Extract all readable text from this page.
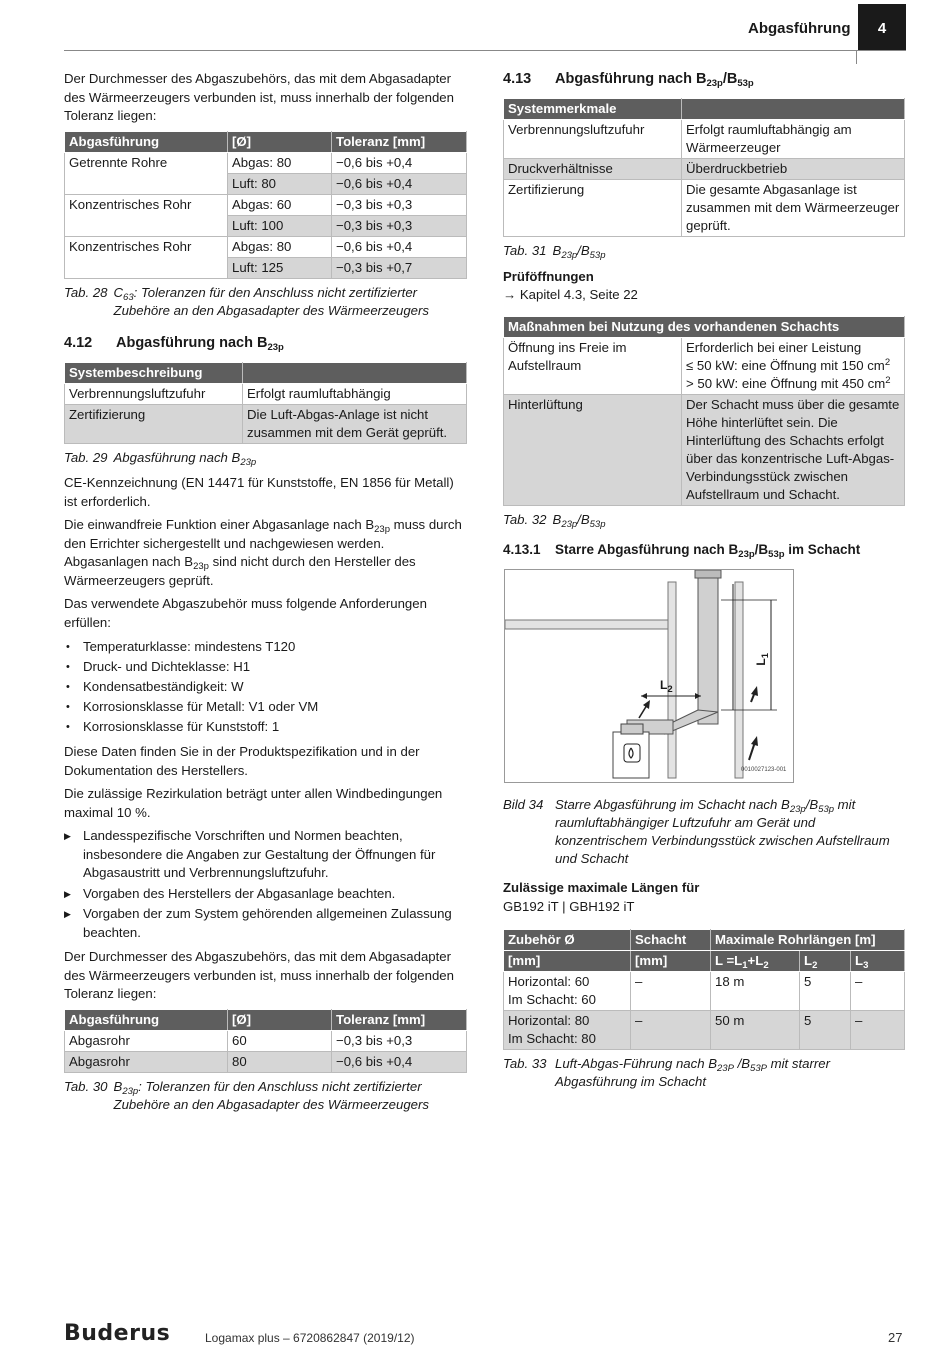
Abgasführung	4

Der Durchmesser des Abgaszubehörs, das mit dem Abgasadapter des Wärmeerzeugers verbunden ist, muss innerhalb der folgenden Toleranz liegen:

Abgasführung	[Ø]	Toleranz [mm]
Getrennte Rohre	Abgas: 80	−0,6 bis +0,4
	Luft: 80	−0,6 bis +0,4
Konzentrisches Rohr	Abgas: 60	−0,3 bis +0,3
	Luft: 100	−0,3 bis +0,3
Konzentrisches Rohr	Abgas: 80	−0,6 bis +0,4
	Luft: 125	−0,3 bis +0,7
Tab. 28 $C_{63}$: Toleranzen für den Anschluss nicht zertifizierter Zubehöre an den Abgasadapter des Wärmeerzeugers
4.12 Abgasführung nach $B_{23p}$
Systembeschreibung	
Verbrennungsluftzufuhr	Erfolgt raumluftabhängig
Zertifizierung	Die Luft-Abgas-Anlage ist nicht zusammen mit dem Gerät geprüft.
Tab. 29 Abgasführung nach $B_{23p}$

CE-Kennzeichnung (EN 14471 für Kunststoffe, EN 1856 für Metall) ist erforderlich.

Die einwandfreie Funktion einer Abgasanlage nach $B_{23p}$ muss durch den Errichter sichergestellt und nachgewiesen werden. Abgasanlagen nach $B_{23p}$ sind nicht durch den Hersteller des Wärmeerzeugers geprüft.

Das verwendete Abgaszubehör muss folgende Anforderungen erfüllen:

• Temperaturklasse: mindestens T120
• Druck- und Dichteklasse: H1
• Kondensatbeständigkeit: W
• Korrosionsklasse für Metall: V1 oder VM
• Korrosionsklasse für Kunststoff: 1

Diese Daten finden Sie in der Produktspezifikation und in der Dokumentation des Herstellers.

Die zulässige Rezirkulation beträgt unter allen Windbedingungen maximal 10 %.

▶ Landesspezifische Vorschriften und Normen beachten, insbesondere die Angaben zur Gestaltung der Öffnungen für Abgasaustritt und Verbrennungsluftzufuhr.
▶ Vorgaben des Herstellers der Abgasanlage beachten.
▶ Vorgaben der zum System gehörenden allgemeinen Zulassung beachten.

Der Durchmesser des Abgaszubehörs, das mit dem Abgasadapter des Wärmeerzeugers verbunden ist, muss innerhalb der folgenden Toleranz liegen:

Abgasführung	[Ø]	Toleranz [mm]
Abgasrohr	60	−0,3 bis +0,3
Abgasrohr	80	−0,6 bis +0,4
Tab. 30 $B_{23p}$: Toleranzen für den Anschluss nicht zertifizierter Zubehöre an den Abgasadapter des Wärmeerzeugers
4.13 Abgasführung nach $B_{23p}/B_{53p}$
Systemmerkmale	
Verbrennungsluftzufuhr	Erfolgt raumluftabhängig am Wärmeerzeuger
Druckverhältnisse	Überdruckbetrieb
Zertifizierung	Die gesamte Abgasanlage ist zusammen mit dem Wärmeerzeuger geprüft.
Tab. 31 $B_{23p}/B_{53p}$
Prüföffnungen
→ Kapitel 4.3, Seite 22
Maßnahmen bei Nutzung des vorhandenen Schachts	
Öffnung ins Freie im Aufstellraum	Erforderlich bei einer Leistung
≤ 50 kW: eine Öffnung mit 150 $cm^2$
> 50 kW: eine Öffnung mit 450 $cm^2$

Hinterlüftung	Der Schacht muss über die gesamte Höhe hinterlüftet sein. Die Hinterlüftung des Schachts erfolgt über das konzentrische Luft-Abgas-Verbindungsstück zwischen Aufstellraum und Schacht.
Tab. 32 $B_{23p}/B_{53p}$
4.13.1 Starre Abgasführung nach $B_{23p}/B_{53p}$ im Schacht
$L_1$
$L_2$
0010027123-001
Bild 34 Starre Abgasführung im Schacht nach $B_{23p}/B_{53p}$ mit raumluftabhängiger Luftzufuhr am Gerät und konzentrischem Verbindungsstück zwischen Aufstellraum und Schacht
Zulässige maximale Längen für
GB192 iT | GBH192 iT
Zubehör Ø	Schacht	Maximale Rohrlängen [m]		
[mm]	[mm]	$L =L_1+L_2$	$L_2$	$L_3$

Horizontal: 60
Im Schacht: 60	–	18 m	5	–

Horizontal: 80
Im Schacht: 80	–	50 m	5	–
Tab. 33 Luft-Abgas-Führung nach $B_{23P}$ $/B_{53P}$ mit starrer Abgasführung im Schacht
Buderus	Logamax plus – 6720862847 (2019/12)	27
